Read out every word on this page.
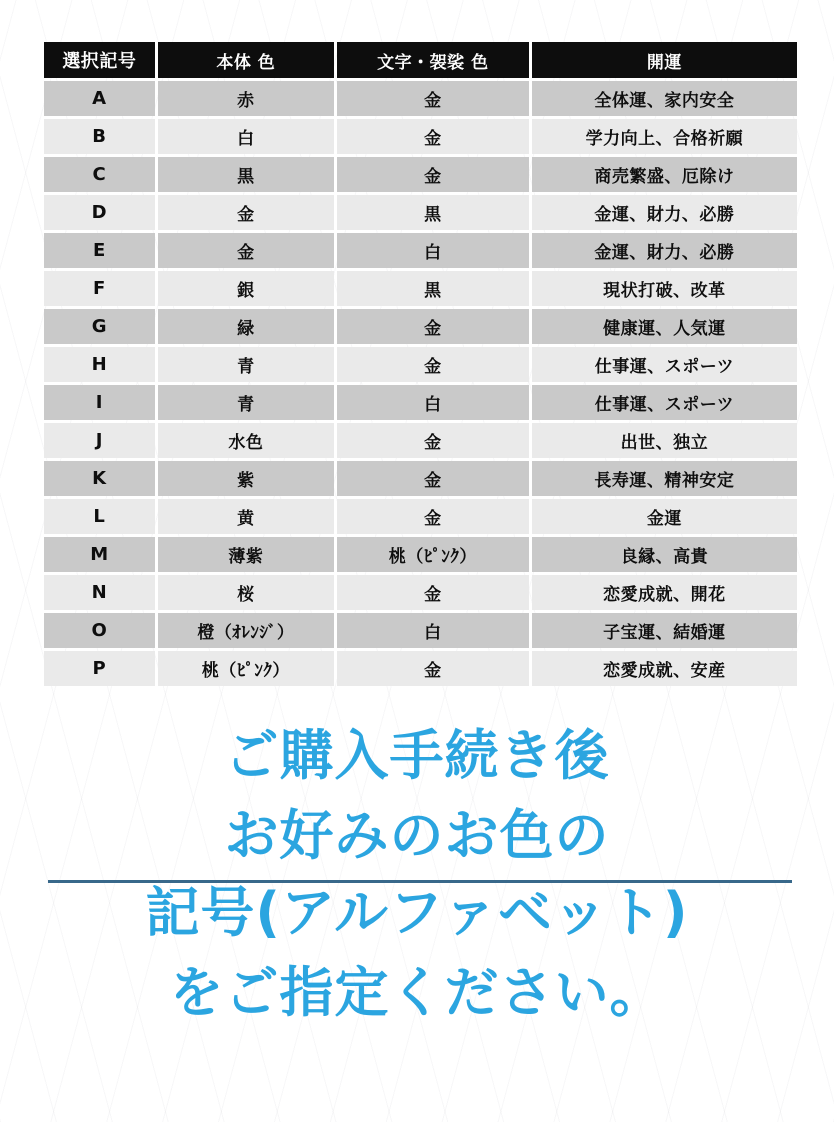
選択記号	本体 色	文字・袈裟 色	開運
A	赤	金	全体運、家内安全
B	白	金	学力向上、合格祈願
C	黒	金	商売繁盛、厄除け
D	金	黒	金運、財力、必勝
E	金	白	金運、財力、必勝
F	銀	黒	現状打破、改革
G	緑	金	健康運、人気運
H	青	金	仕事運、スポーツ
I	青	白	仕事運、スポーツ
J	水色	金	出世、独立
K	紫	金	長寿運、精神安定
L	黄	金	金運
M	薄紫	桃（ﾋﾟﾝｸ）	良縁、高貴
N	桜	金	恋愛成就、開花
O	橙（ｵﾚﾝｼﾞ）	白	子宝運、結婚運
P	桃（ﾋﾟﾝｸ）	金	恋愛成就、安産
ご購入手続き後
お好みのお色の
記号(アルファベット)
をご指定ください。
